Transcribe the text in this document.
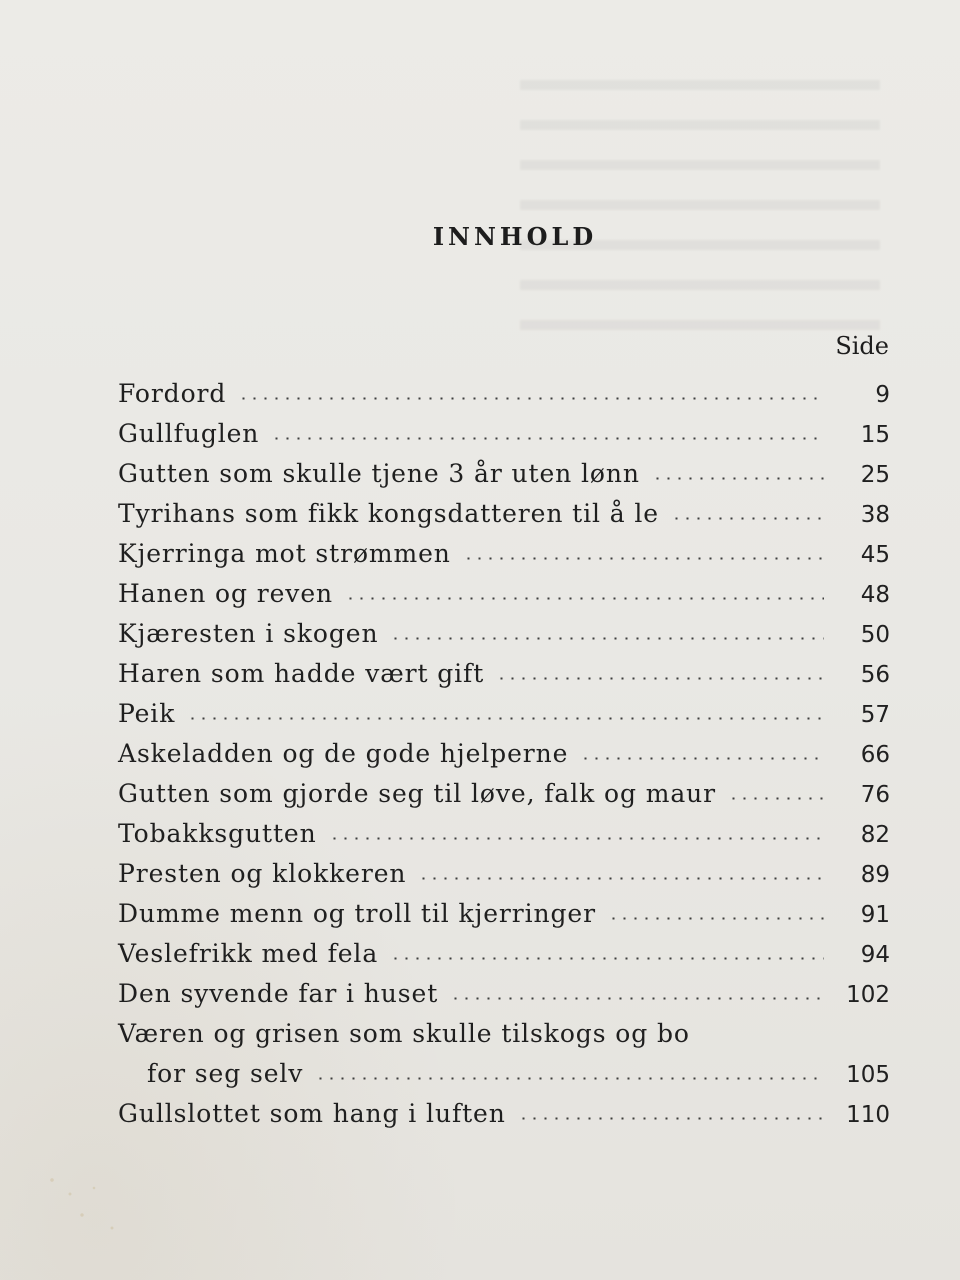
INNHOLD
Side
Fordord	9
Gullfuglen	15
Gutten som skulle tjene 3 år uten lønn	25
Tyrihans som fikk kongsdatteren til å le	38
Kjerringa mot strømmen	45
Hanen og reven	48
Kjæresten i skogen	50
Haren som hadde vært gift	56
Peik	57
Askeladden og de gode hjelperne	66
Gutten som gjorde seg til løve, falk og maur	76
Tobakksgutten	82
Presten og klokkeren	89
Dumme menn og troll til kjerringer	91
Veslefrikk med fela	94
Den syvende far i huset	102
Væren og grisen som skulle tilskogs og bo
for seg selv	105
Gullslottet som hang i luften	110
